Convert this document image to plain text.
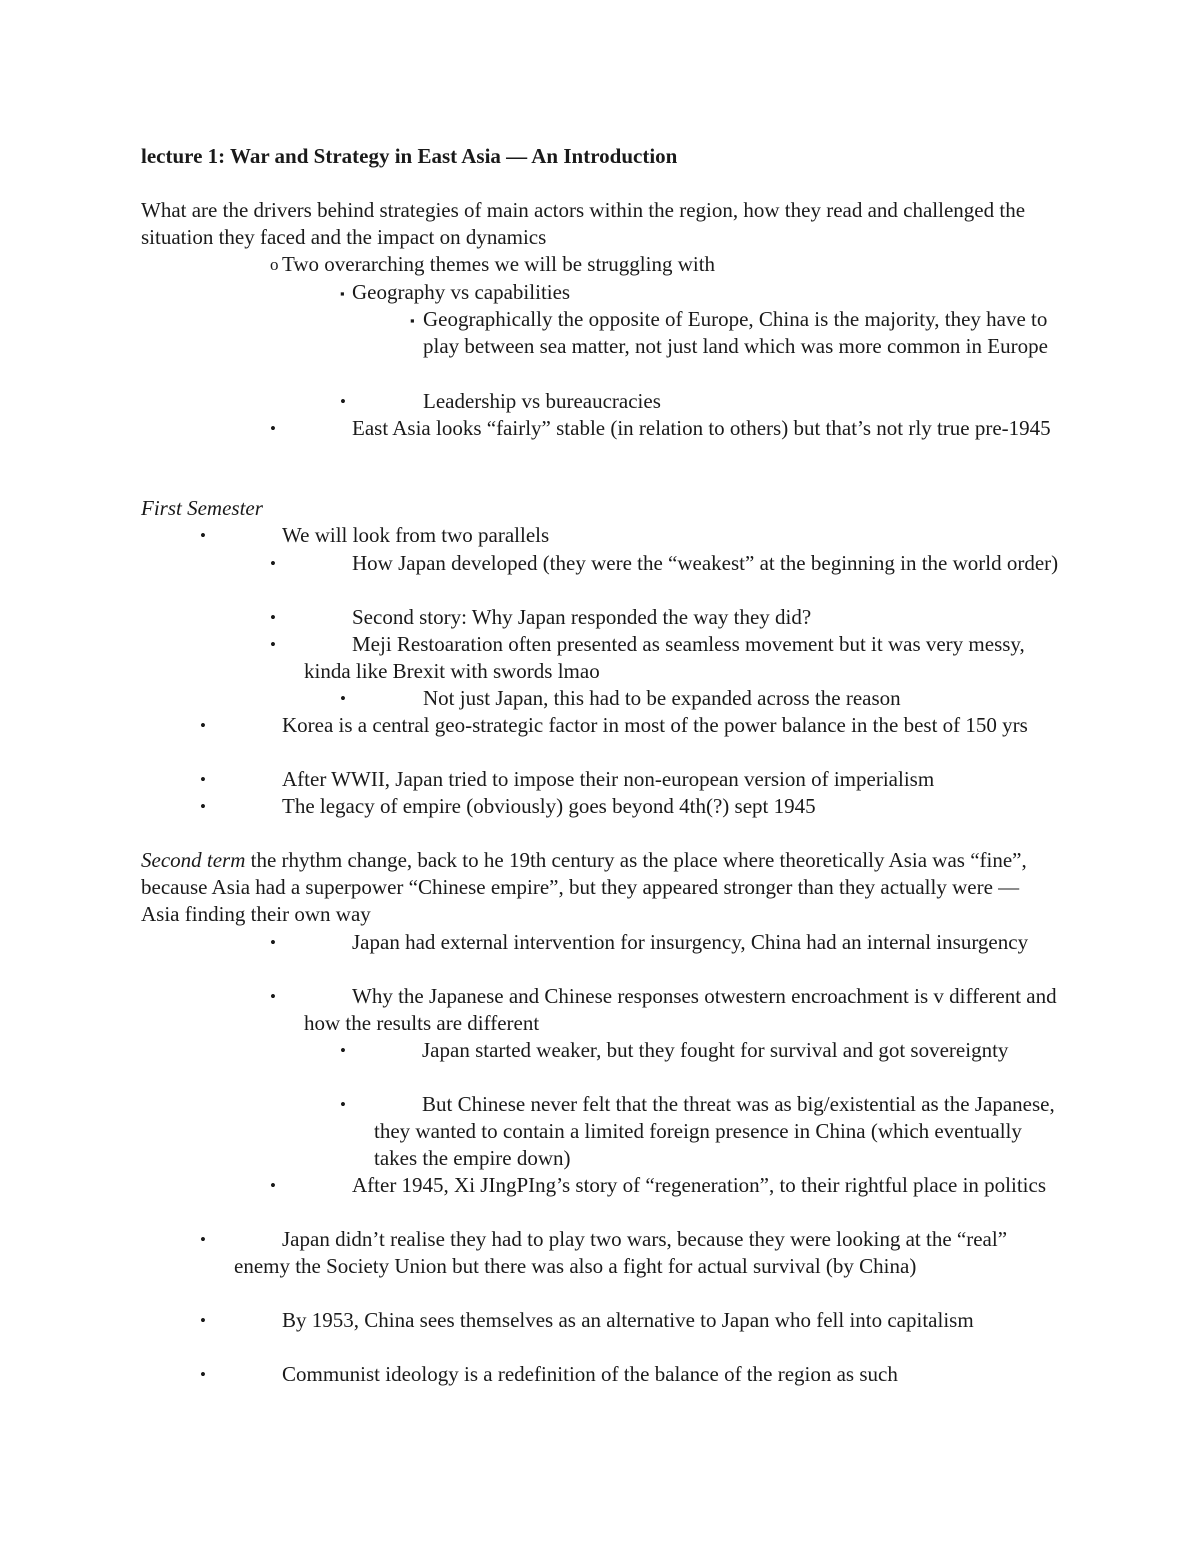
lecture 1: War and Strategy in East Asia — An Introduction
What are the drivers behind strategies of main actors within the region, how they read and challenged the situation they faced and the impact on dynamics
o Two overarching themes we will be struggling with
▪ Geography vs capabilities
▪ Geographically the opposite of Europe, China is the majority, they have to play between sea matter, not just land which was more common in Europe
•	Leadership vs bureaucracies
•	East Asia looks “fairly” stable (in relation to others) but that’s not rly true pre-1945
First Semester
•	We will look from two parallels
•	How Japan developed (they were the “weakest” at the beginning in the world order)
•	Second story: Why Japan responded the way they did?
•	Meji Restoaration often presented as seamless movement but it was very messy, kinda like Brexit with swords lmao
•	Not just Japan, this had to be expanded across the reason
•	Korea is a central geo-strategic factor in most of the power balance in the best of 150 yrs
•	After WWII, Japan tried to impose their non-european version of imperialism
•	The legacy of empire (obviously) goes beyond 4th(?) sept 1945
Second term the rhythm change, back to he 19th century as the place where theoretically Asia was “fine”, because Asia had a superpower “Chinese empire”, but they appeared stronger than they actually were — Asia finding their own way
•	Japan had external intervention for insurgency, China had an internal insurgency
•	Why the Japanese and Chinese responses otwestern encroachment is v different and how the results are different
•	Japan started weaker, but they fought for survival and got sovereignty
•	But Chinese never felt that the threat was as big/existential as the Japanese, they wanted to contain a limited foreign presence in China (which eventually takes the empire down)
•	After 1945, Xi JIngPIng’s story of “regeneration”, to their rightful place in politics
•	Japan didn’t realise they had to play two wars, because they were looking at the “real” enemy the Society Union but there was also a fight for actual survival (by China)
•	By 1953, China sees themselves as an alternative to Japan who fell into capitalism
•	Communist ideology is a redefinition of the balance of the region as such
